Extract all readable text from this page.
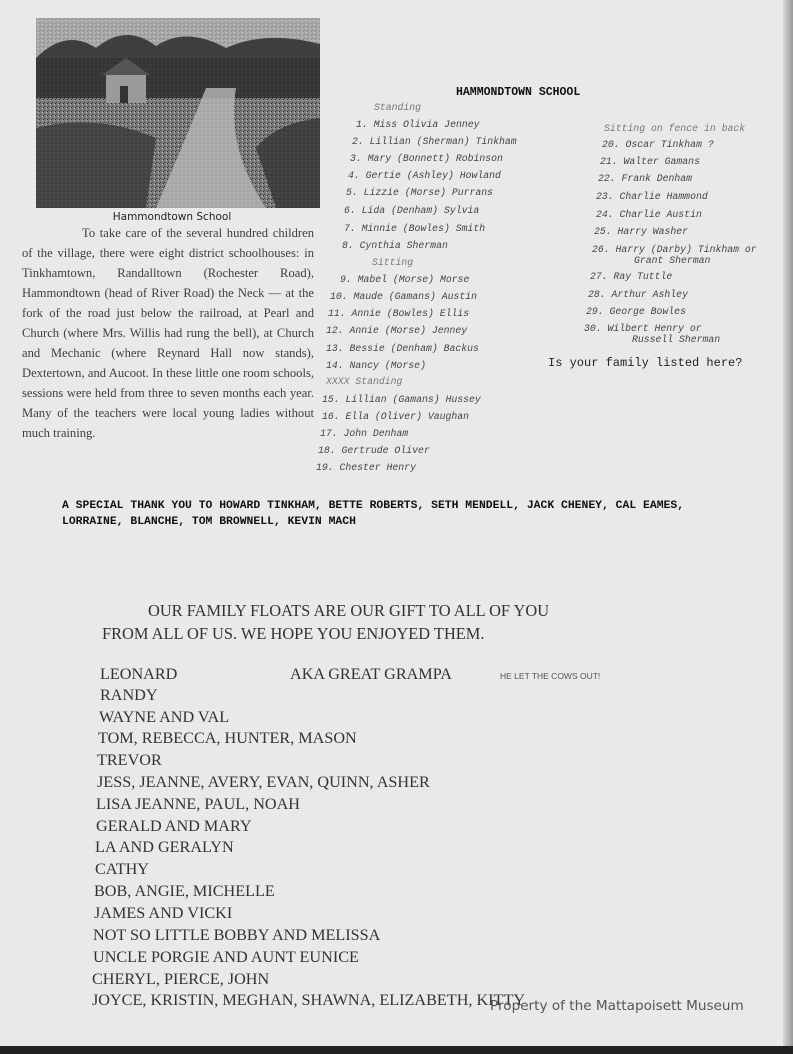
Hammondtown School
To take care of the several hundred children of the village, there were eight district schoolhouses: in Tinkhamtown, Randalltown (Rochester Road), Hammondtown (head of River Road) the Neck — at the fork of the road just below the railroad, at Pearl and Church (where Mrs. Willis had rung the bell), at Church and Mechanic (where Reynard Hall now stands), Dextertown, and Aucoot. In these little one room schools, sessions were held from three to seven months each year. Many of the teachers were local young ladies without much training.
HAMMONDTOWN SCHOOL
Standing
1. Miss Olivia Jenney
2. Lillian (Sherman) Tinkham
3. Mary (Bonnett) Robinson
4. Gertie (Ashley) Howland
5. Lizzie (Morse) Purrans
6. Lida (Denham) Sylvia
7. Minnie (Bowles) Smith
8. Cynthia Sherman
Sitting
9. Mabel (Morse) Morse
10. Maude (Gamans) Austin
11. Annie (Bowles) Ellis
12. Annie (Morse) Jenney
13. Bessie (Denham) Backus
14. Nancy (Morse)
XXXX Standing
15. Lillian (Gamans) Hussey
16. Ella (Oliver) Vaughan
17. John Denham
18. Gertrude Oliver
19. Chester Henry
Sitting on fence in back
20. Oscar Tinkham ?
21. Walter Gamans
22. Frank Denham
23. Charlie Hammond
24. Charlie Austin
25. Harry Washer
26. Harry (Darby) Tinkham or
Grant Sherman
27. Ray Tuttle
28. Arthur Ashley
29. George Bowles
30. Wilbert Henry or
Russell Sherman
Is your family listed here?
A SPECIAL THANK YOU TO HOWARD TINKHAM, BETTE ROBERTS, SETH MENDELL, JACK CHENEY, CAL EAMES, LORRAINE, BLANCHE, TOM BROWNELL, KEVIN MACH
OUR FAMILY FLOATS ARE OUR GIFT TO ALL OF YOU
FROM ALL OF US. WE HOPE YOU ENJOYED THEM.
LEONARD
RANDY
WAYNE AND VAL
TOM, REBECCA, HUNTER, MASON
TREVOR
JESS, JEANNE, AVERY, EVAN, QUINN, ASHER
LISA JEANNE, PAUL, NOAH
GERALD AND MARY
LA AND GERALYN
CATHY
BOB, ANGIE, MICHELLE
JAMES AND VICKI
NOT SO LITTLE BOBBY AND MELISSA
UNCLE PORGIE AND AUNT EUNICE
CHERYL, PIERCE, JOHN
JOYCE, KRISTIN, MEGHAN, SHAWNA, ELIZABETH, KITTY
AKA GREAT GRAMPA	HE LET THE COWS OUT!
Property of the Mattapoisett Museum
